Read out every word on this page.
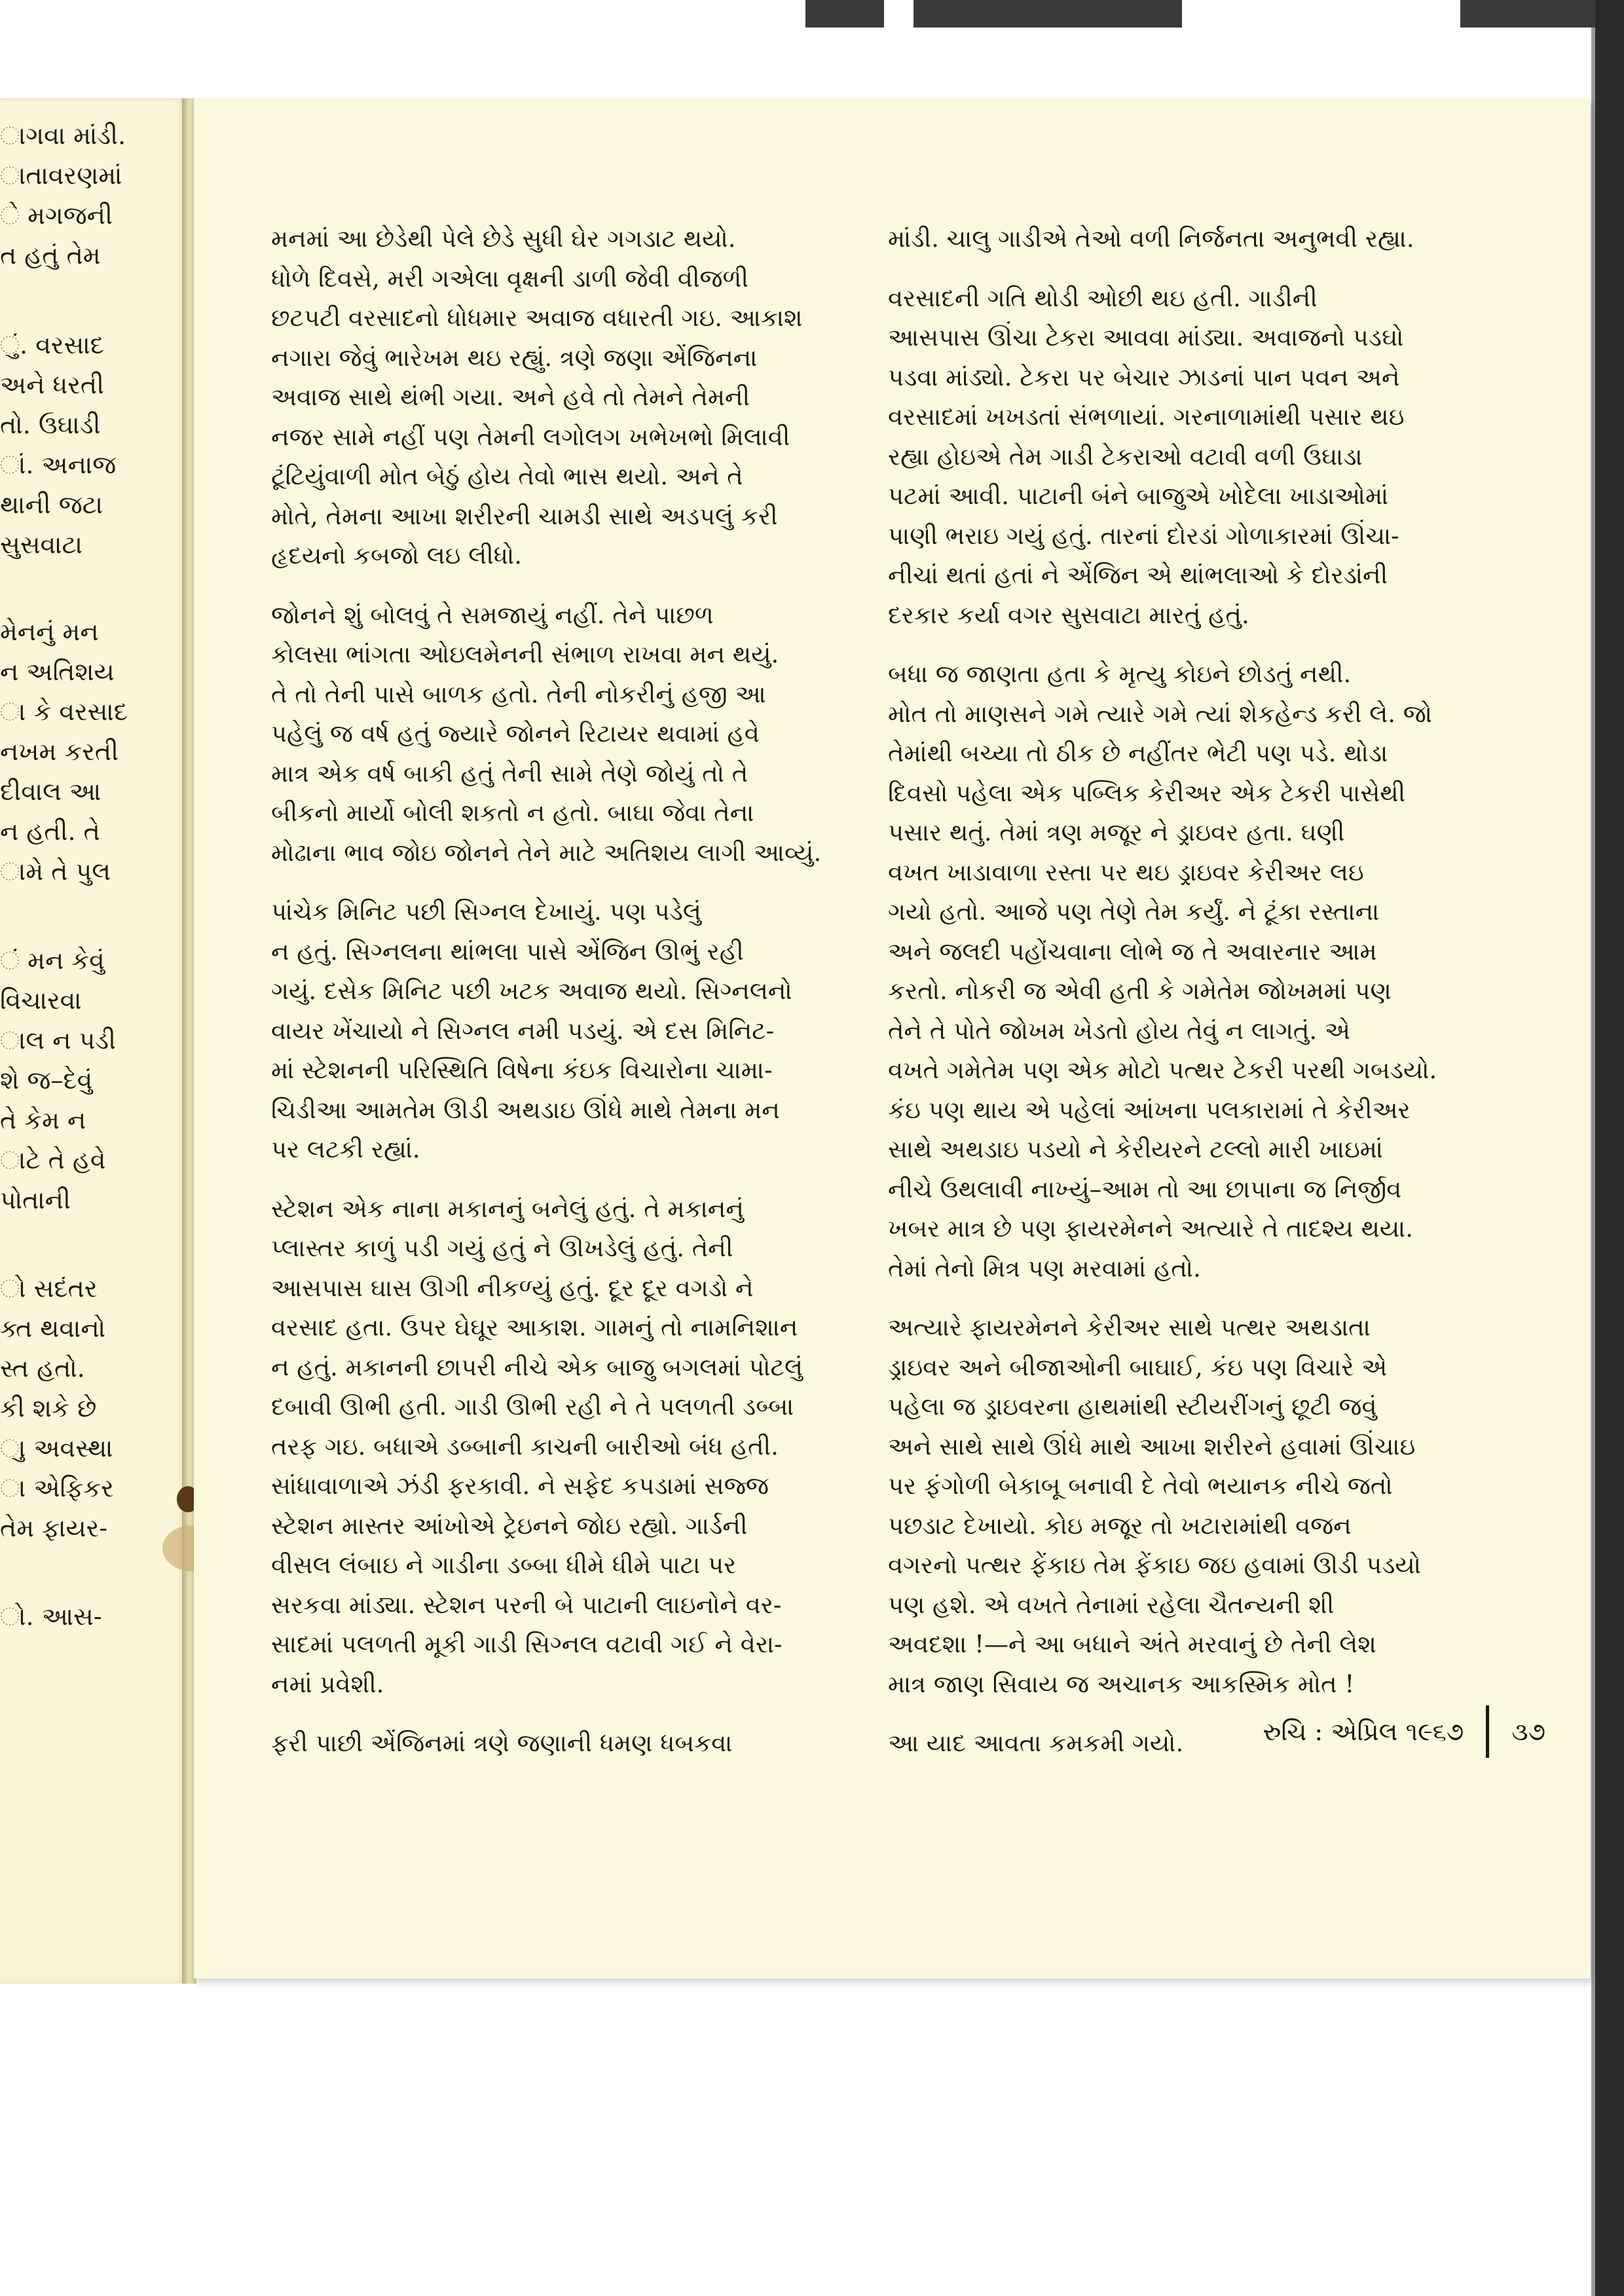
ાગવા માંડી.
ાતાવરણમાં
ે મગજની
ત હતું તેમ
ું. વરસાદ
અને ધરતી
તો. ઉઘાડી
ાં. અનાજ
થાની જટા
સુસવાટા
મેનનું મન
ન અતિશય
ા કે વરસાદ
નખમ કરતી
દીવાલ આ
ન હતી. તે
ામે તે પુલ
ં મન કેવું
વિચારવા
ાલ ન પડી
શે જ–દેવું
તે કેમ ન
ાટે તે હવે
પોતાની
ો સદંતર
ક્ત થવાનો
સ્ત હતો.
કી શકે છે
ાુ અવસ્થા
ા એફિકર
તેમ ફાયર-
ો. આસ-

મનમાં આ છેડેથી પેલે છેડે સુધી ઘેર ગગડાટ થયો.
ધોળે દિવસે, મરી ગએલા વૃક્ષની ડાળી જેવી વીજળી
છટપટી વરસાદનો ધોધમાર અવાજ વધારતી ગઇ. આકાશ
નગારા જેવું ભારેખમ થઇ રહ્યું. ત્રણે જણા એંજિનના
અવાજ સાથે થંભી ગયા. અને હવે તો તેમને તેમની
નજર સામે નહીં પણ તેમની લગોલગ ખભેખભો મિલાવી
ટૂંટિયુંવાળી મોત બેઠું હોય તેવો ભાસ થયો. અને તે
મોતે, તેમના આખા શરીરની ચામડી સાથે અડપલું કરી
હૃદયનો કબજો લઇ લીધો.

જોનને શું બોલવું તે સમજાયું નહીં. તેને પાછળ
કોલસા ભાંગતા ઓઇલમેનની સંભાળ રાખવા મન થયું.
તે તો તેની પાસે બાળક હતો. તેની નોકરીનું હજી આ
પહેલું જ વર્ષ હતું જ્યારે જોનને રિટાયર થવામાં હવે
માત્ર એક વર્ષ બાકી હતું તેની સામે તેણે જોયું તો તે
બીકનો માર્યો બોલી શકતો ન હતો. બાઘા જેવા તેના
મોઢાના ભાવ જોઇ જોનને તેને માટે અતિશય લાગી આવ્યું.

પાંચેક મિનિટ પછી સિગ્નલ દેખાયું. પણ પડેલું
ન હતું. સિગ્નલના થાંભલા પાસે એંજિન ઊભું રહી
ગયું. દસેક મિનિટ પછી ખટક અવાજ થયો. સિગ્નલનો
વાયર ખેંચાયો ને સિગ્નલ નમી પડયું. એ દસ મિનિટ-
માં સ્ટેશનની પરિસ્થિતિ વિષેના કંઇક વિચારોના ચામા-
ચિડીઆ આમતેમ ઊડી અથડાઇ ઊંધે માથે તેમના મન
પર લટકી રહ્યાં.

સ્ટેશન એક નાના મકાનનું બનેલું હતું. તે મકાનનું
પ્લાસ્તર કાળું પડી ગયું હતું ને ઊખડેલું હતું. તેની
આસપાસ ઘાસ ઊગી નીકળ્યું હતું. દૂર દૂર વગડો ને
વરસાદ હતા. ઉપર ઘેઘૂર આકાશ. ગામનું તો નામનિશાન
ન હતું. મકાનની છાપરી નીચે એક બાજુ બગલમાં પોટલું
દબાવી ઊભી હતી. ગાડી ઊભી રહી ને તે પલળતી ડબ્બા
તરફ ગઇ. બધાએ ડબ્બાની કાચની બારીઓ બંધ હતી.
સાંધાવાળાએ ઝંડી ફરકાવી. ને સફેદ કપડામાં સજ્જ
સ્ટેશન માસ્તર આંખોએ ટ્રેઇનને જોઇ રહ્યો. ગાર્ડની
વીસલ લંબાઇ ને ગાડીના ડબ્બા ધીમે ધીમે પાટા પર
સરકવા માંડ્યા. સ્ટેશન પરની બે પાટાની લાઇનોને વર-
સાદમાં પલળતી મૂકી ગાડી સિગ્નલ વટાવી ગઈ ને વેરા-
નમાં પ્રવેશી.

ફરી પાછી એંજિનમાં ત્રણે જણાની ધમણ ધબકવા

માંડી. ચાલુ ગાડીએ તેઓ વળી નિર્જનતા અનુભવી રહ્યા.

વરસાદની ગતિ થોડી ઓછી થઇ હતી. ગાડીની
આસપાસ ઊંચા ટેકરા આવવા માંડ્યા. અવાજનો પડઘો
પડવા માંડ્યો. ટેકરા પર બેચાર ઝાડનાં પાન પવન અને
વરસાદમાં ખખડતાં સંભળાયાં. ગરનાળામાંથી પસાર થઇ
રહ્યા હોઇએ તેમ ગાડી ટેકરાઓ વટાવી વળી ઉઘાડા
પટમાં આવી. પાટાની બંને બાજુએ ખોદેલા ખાડાઓમાં
પાણી ભરાઇ ગયું હતું. તારનાં દોરડાં ગોળાકારમાં ઊંચા-
નીચાં થતાં હતાં ને એંજિન એ થાંભલાઓ કે દોરડાંની
દરકાર કર્યા વગર સુસવાટા મારતું હતું.

બધા જ જાણતા હતા કે મૃત્યુ કોઇને છોડતું નથી.
મોત તો માણસને ગમે ત્યારે ગમે ત્યાં શેકહેન્ડ કરી લે. જો
તેમાંથી બચ્યા તો ઠીક છે નહીંતર ભેટી પણ પડે. થોડા
દિવસો પહેલા એક પબ્લિક કેરીઅર એક ટેકરી પાસેથી
પસાર થતું. તેમાં ત્રણ મજૂર ને ડ્રાઇવર હતા. ઘણી
વખત ખાડાવાળા રસ્તા પર થઇ ડ્રાઇવર કેરીઅર લઇ
ગયો હતો. આજે પણ તેણે તેમ કર્યું. ને ટૂંકા રસ્તાના
અને જલદી પહોંચવાના લોભે જ તે અવારનાર આમ
કરતો. નોકરી જ એવી હતી કે ગમેતેમ જોખમમાં પણ
તેને તે પોતે જોખમ ખેડતો હોય તેવું ન લાગતું. એ
વખતે ગમેતેમ પણ એક મોટો પત્થર ટેકરી પરથી ગબડયો.
કંઇ પણ થાય એ પહેલાં આંખના પલકારામાં તે કેરીઅર
સાથે અથડાઇ પડયો ને કેરીયરને ટલ્લો મારી ખાઇમાં
નીચે ઉથલાવી નાખ્યું–આમ તો આ છાપાના જ નિર્જીવ
ખબર માત્ર છે પણ ફાયરમેનને અત્યારે તે તાદશ્ય થયા.
તેમાં તેનો મિત્ર પણ મરવામાં હતો.

અત્યારે ફાયરમેનને કેરીઅર સાથે પત્થર અથડાતા
ડ્રાઇવર અને બીજાઓની બાઘાઈ, કંઇ પણ વિચારે એ
પહેલા જ ડ્રાઇવરના હાથમાંથી સ્ટીયરીંગનું છૂટી જવું
અને સાથે સાથે ઊંધે માથે આખા શરીરને હવામાં ઊંચાઇ
પર ફંગોળી બેકાબૂ બનાવી દે તેવો ભયાનક નીચે જતો
પછડાટ દેખાયો. કોઇ મજૂર તો ખટારામાંથી વજન
વગરનો પત્થર ફેંકાઇ તેમ ફેંકાઇ જઇ હવામાં ઊડી પડયો
પણ હશે. એ વખતે તેનામાં રહેલા ચૈતન્યની શી
અવદશા !—ને આ બધાને અંતે મરવાનું છે તેની લેશ
માત્ર જાણ સિવાય જ અચાનક આકસ્મિક મોત !

આ યાદ આવતા કમકમી ગયો.	રુચિ : એપ્રિલ ૧૯૬૭ ૩૭
